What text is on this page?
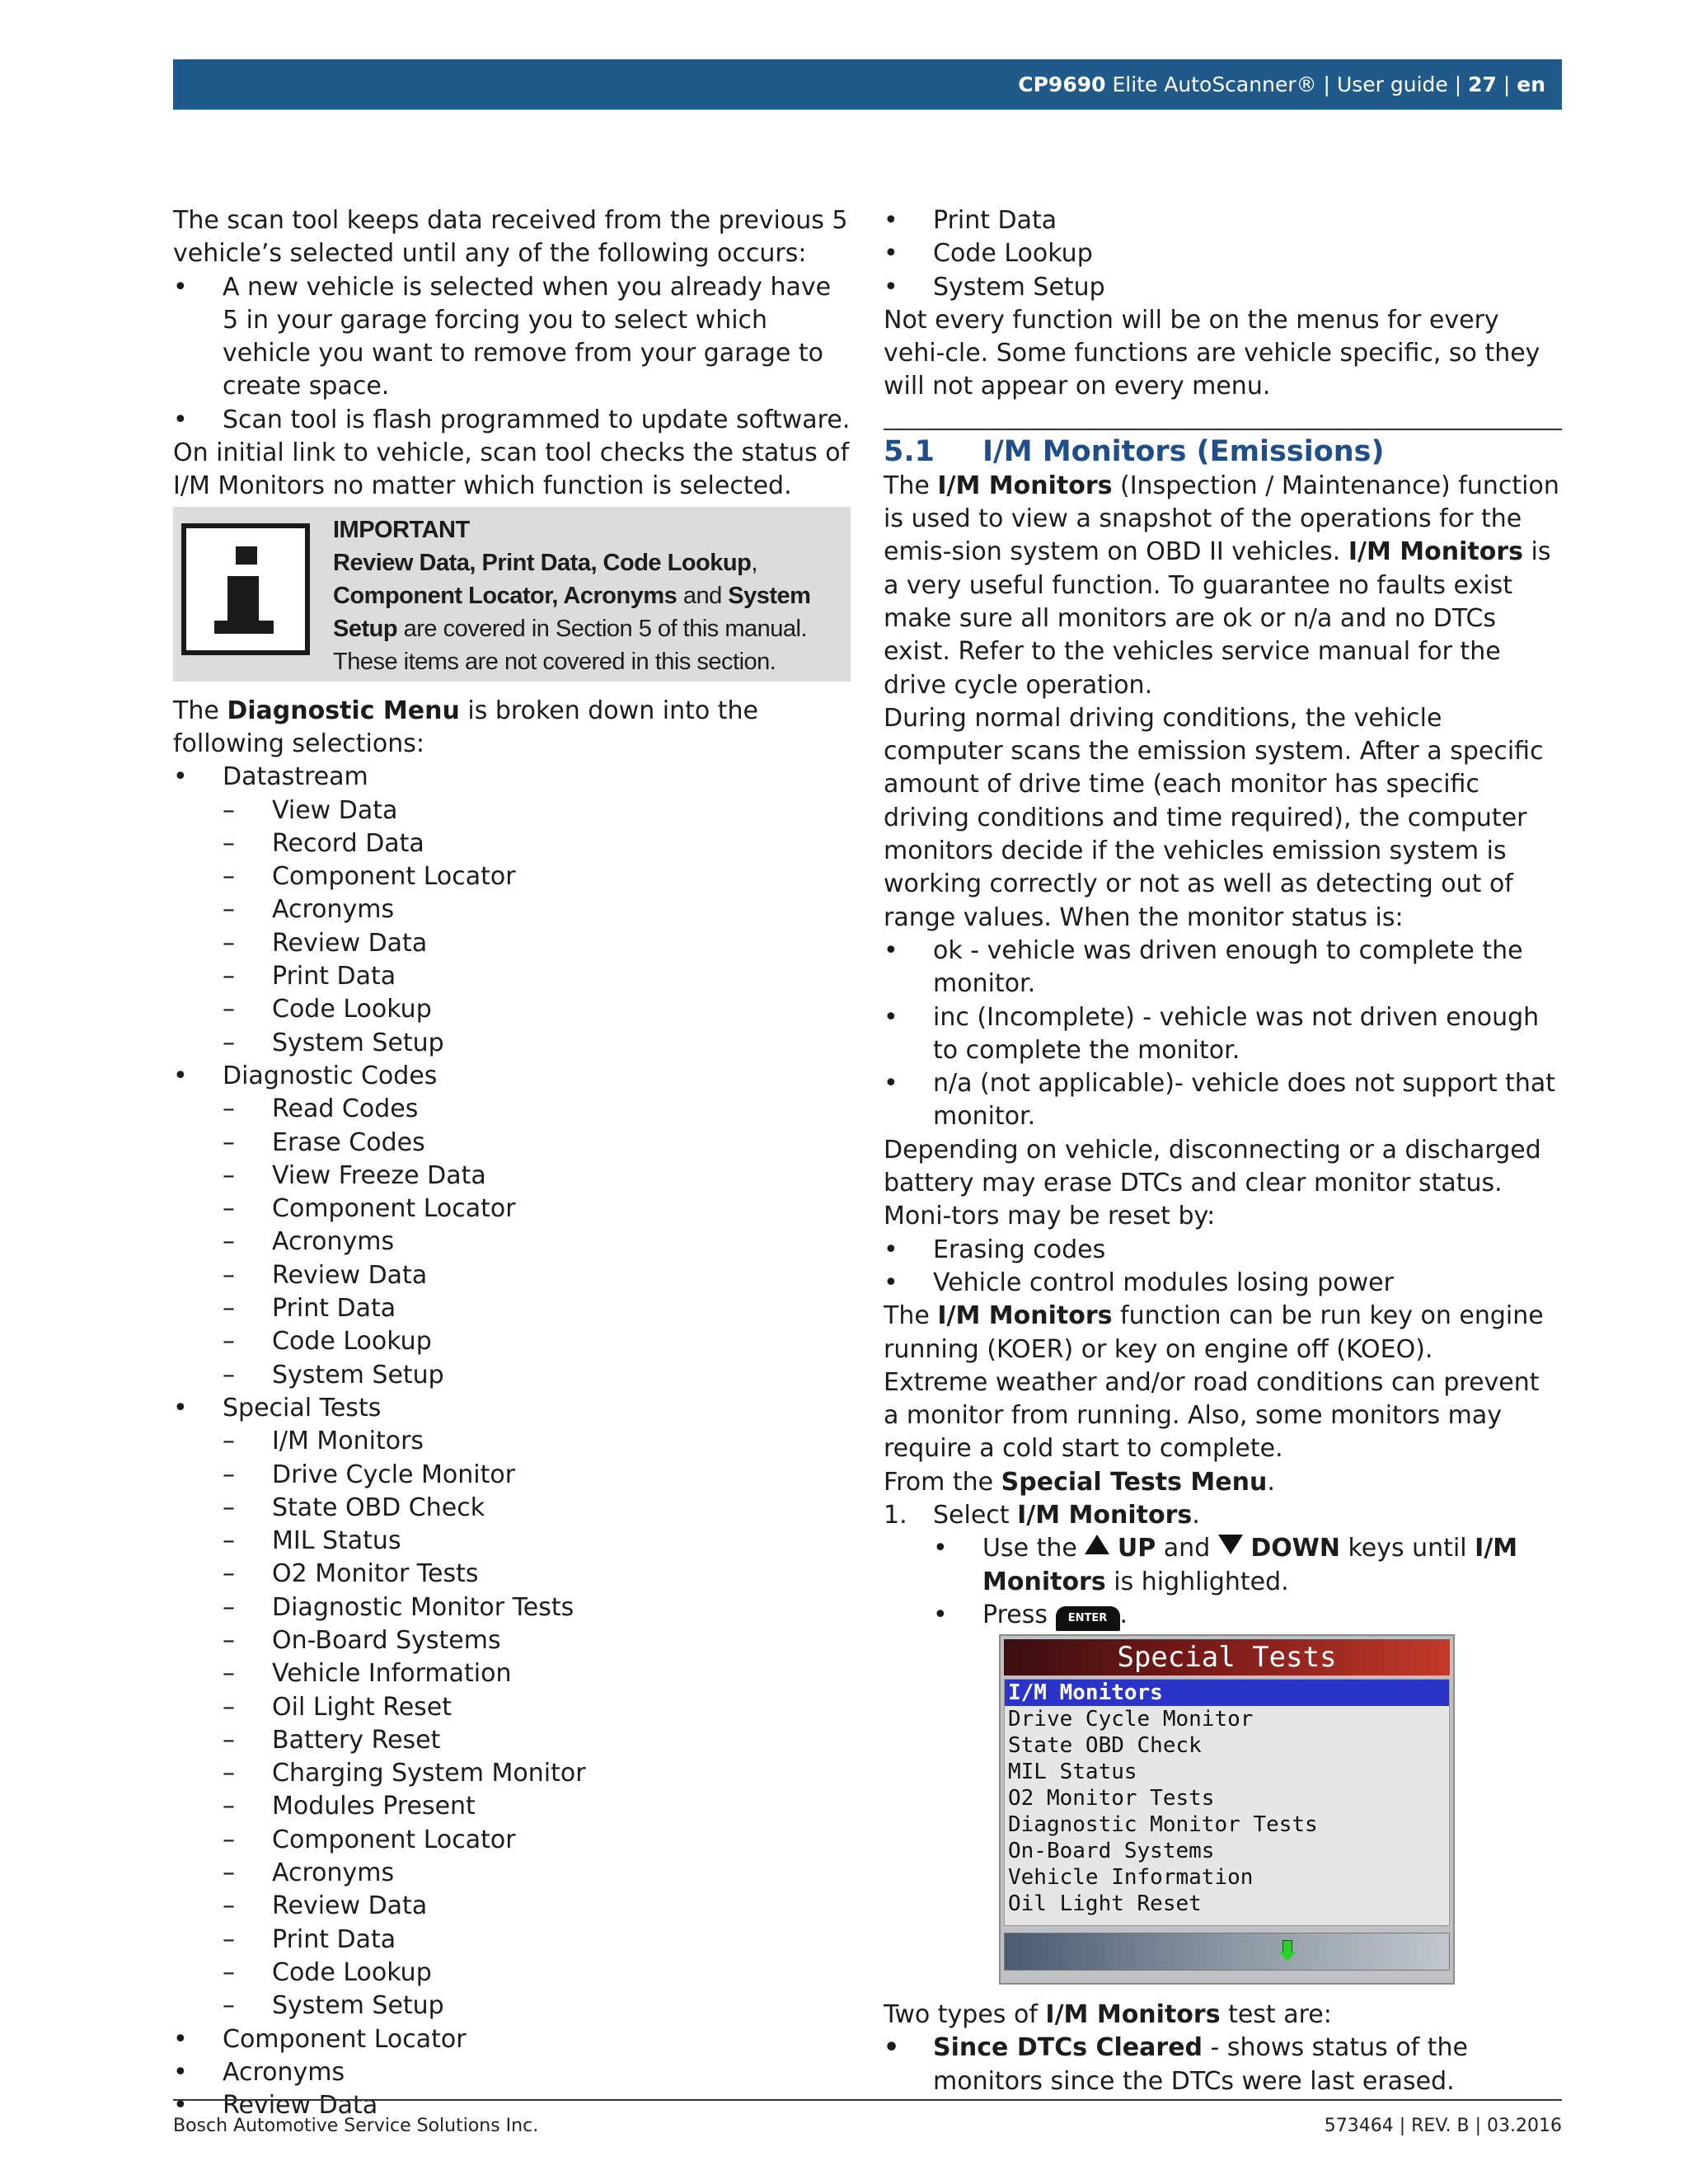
CP9690 Elite AutoScanner® | User guide | 27 | en

The scan tool keeps data received from the previous 5 vehicle’s selected until any of the following occurs:

• A new vehicle is selected when you already have 5 in your garage forcing you to select which vehicle you want to remove from your garage to create space.
• Scan tool is flash programmed to update software.

On initial link to vehicle, scan tool checks the status of I/M Monitors no matter which function is selected.

IMPORTANT
Review Data, Print Data, Code Lookup, Component Locator, Acronyms and System Setup are covered in Section 5 of this manual. These items are not covered in this section.

The Diagnostic Menu is broken down into the following selections:

• Datastream
– View Data
– Record Data
– Component Locator
– Acronyms
– Review Data
– Print Data
– Code Lookup
– System Setup
• Diagnostic Codes
– Read Codes
– Erase Codes
– View Freeze Data
– Component Locator
– Acronyms
– Review Data
– Print Data
– Code Lookup
– System Setup
• Special Tests
– I/M Monitors
– Drive Cycle Monitor
– State OBD Check
– MIL Status
– O2 Monitor Tests
– Diagnostic Monitor Tests
– On-Board Systems
– Vehicle Information
– Oil Light Reset
– Battery Reset
– Charging System Monitor
– Modules Present
– Component Locator
– Acronyms
– Review Data
– Print Data
– Code Lookup
– System Setup
• Component Locator
• Acronyms
• Review Data
• Print Data
• Code Lookup
• System Setup

Not every function will be on the menus for every vehi-cle. Some functions are vehicle specific, so they will not appear on every menu.

5.1 I/M Monitors (Emissions)

The I/M Monitors (Inspection / Maintenance) function is used to view a snapshot of the operations for the emis-sion system on OBD II vehicles. I/M Monitors is a very useful function. To guarantee no faults exist make sure all monitors are ok or n/a and no DTCs exist. Refer to the vehicles service manual for the drive cycle operation.

During normal driving conditions, the vehicle computer scans the emission system. After a specific amount of drive time (each monitor has specific driving conditions and time required), the computer monitors decide if the vehicles emission system is working correctly or not as well as detecting out of range values. When the monitor status is:

• ok - vehicle was driven enough to complete the monitor.
• inc (Incomplete) - vehicle was not driven enough to complete the monitor.
• n/a (not applicable)- vehicle does not support that monitor.

Depending on vehicle, disconnecting or a discharged battery may erase DTCs and clear monitor status. Moni-tors may be reset by:

• Erasing codes
• Vehicle control modules losing power

The I/M Monitors function can be run key on engine running (KOER) or key on engine off (KOEO).

Extreme weather and/or road conditions can prevent a monitor from running. Also, some monitors may require a cold start to complete.

From the Special Tests Menu.

1. Select I/M Monitors.
• Use the  UP and  DOWN keys until I/M Monitors is highlighted.
• Press ENTER .
Special Tests
I/M Monitors
Drive Cycle Monitor
State OBD Check
MIL Status
O2 Monitor Tests
Diagnostic Monitor Tests
On-Board Systems
Vehicle Information
Oil Light Reset

Two types of I/M Monitors test are:

• Since DTCs Cleared - shows status of the monitors since the DTCs were last erased.
Bosch Automotive Service Solutions Inc.	573464 | REV. B | 03.2016
